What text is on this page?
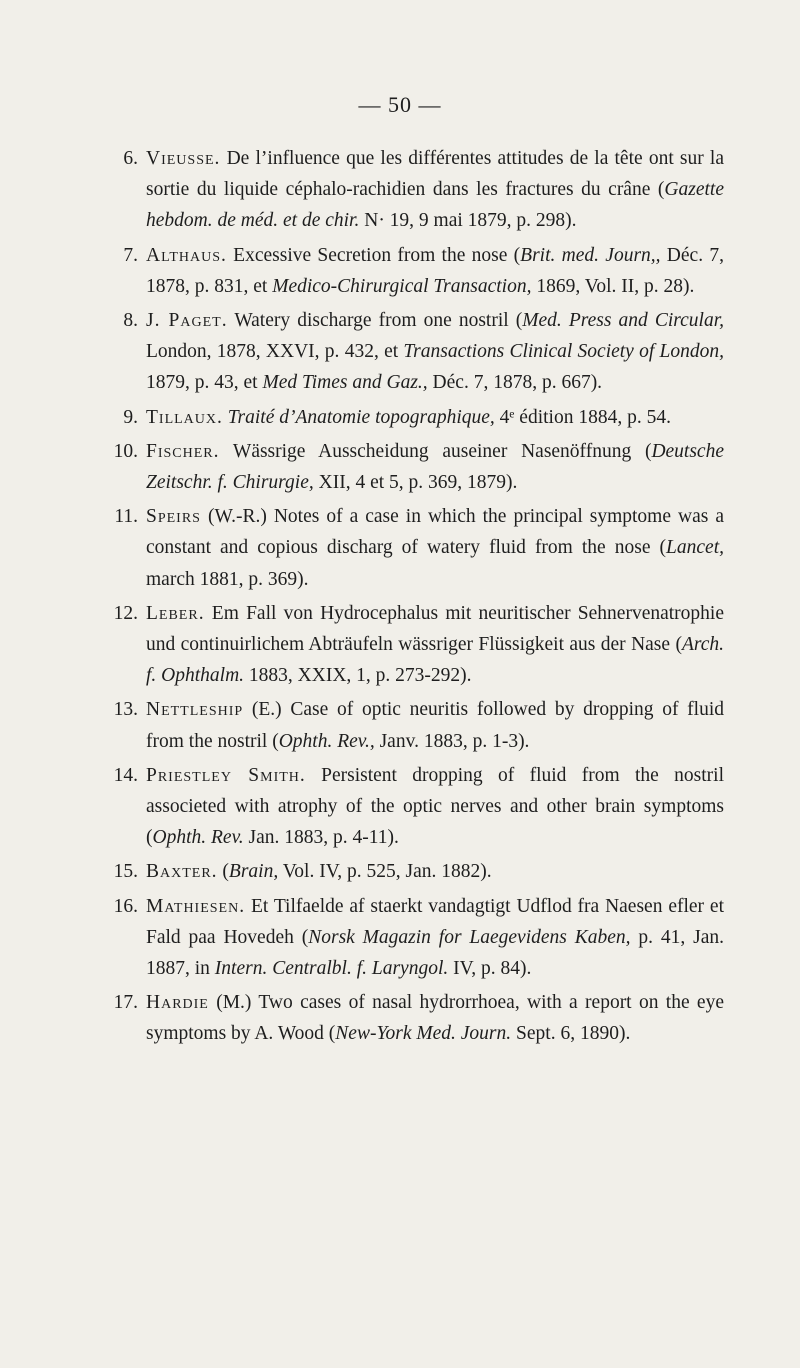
— 50 —
6. Vieusse. De l’influence que les différentes attitudes de la tête ont sur la sortie du liquide céphalo-rachidien dans les fractures du crâne (Gazette hebdom. de méd. et de chir. N· 19, 9 mai 1879, p. 298).
7. Althaus. Excessive Secretion from the nose (Brit. med. Journ,, Déc. 7, 1878, p. 831, et Medico-Chirurgical Transaction, 1869, Vol. II, p. 28).
8. J. Paget. Watery discharge from one nostril (Med. Press and Circular, London, 1878, XXVI, p. 432, et Transactions Clinical Society of London, 1879, p. 43, et Med Times and Gaz., Déc. 7, 1878, p. 667).
9. Tillaux. Traité d’Anatomie topographique, 4ᵉ édition 1884, p. 54.
10. Fischer. Wässrige Ausscheidung auseiner Nasenöffnung (Deutsche Zeitschr. f. Chirurgie, XII, 4 et 5, p. 369, 1879).
11. Speirs (W.-R.) Notes of a case in which the principal symptome was a constant and copious discharg of watery fluid from the nose (Lancet, march 1881, p. 369).
12. Leber. Em Fall von Hydrocephalus mit neuritischer Sehnervenatrophie und continuirlichem Abträufeln wässriger Flüssigkeit aus der Nase (Arch. f. Ophthalm. 1883, XXIX, 1, p. 273-292).
13. Nettleship (E.) Case of optic neuritis followed by dropping of fluid from the nostril (Ophth. Rev., Janv. 1883, p. 1-3).
14. Priestley Smith. Persistent dropping of fluid from the nostril associeted with atrophy of the optic nerves and other brain symptoms (Ophth. Rev. Jan. 1883, p. 4-11).
15. Baxter. (Brain, Vol. IV, p. 525, Jan. 1882).
16. Mathiesen. Et Tilfaelde af staerkt vandagtigt Udflod fra Naesen efler et Fald paa Hovedeh (Norsk Magazin for Laegevidens Kaben, p. 41, Jan. 1887, in Intern. Centralbl. f. Laryngol. IV, p. 84).
17. Hardie (M.) Two cases of nasal hydrorrhoea, with a report on the eye symptoms by A. Wood (New-York Med. Journ. Sept. 6, 1890).
